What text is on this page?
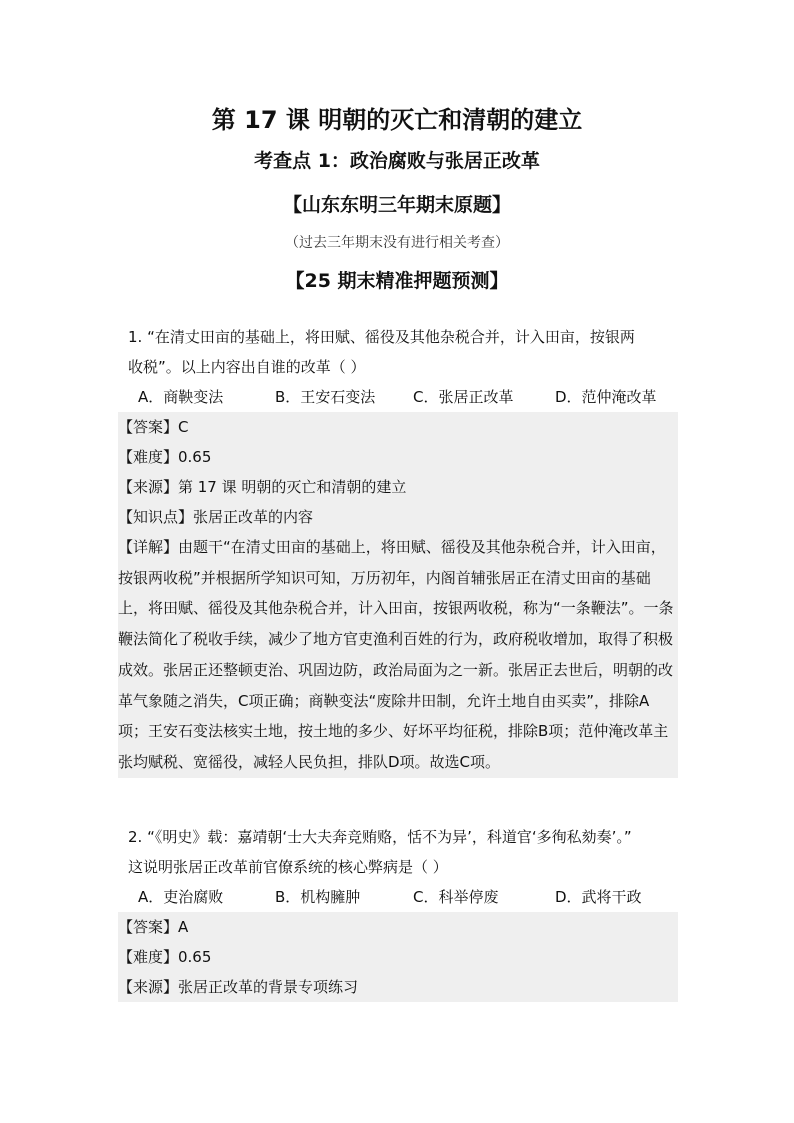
第 17 课 明朝的灭亡和清朝的建立
考查点 1：政治腐败与张居正改革
【山东东明三年期末原题】
（过去三年期末没有进行相关考查）
【25 期末精准押题预测】
1. “在清丈田亩的基础上，将田赋、徭役及其他杂税合并，计入田亩，按银两
收税”。以上内容出自谁的改革（ ）
A．商鞅变法	B．王安石变法	C．张居正改革	D．范仲淹改革
【答案】C
【难度】0.65
【来源】第 17 课 明朝的灭亡和清朝的建立
【知识点】张居正改革的内容
【详解】由题干“在清丈田亩的基础上，将田赋、徭役及其他杂税合并，计入田亩，按银两收税”并根据所学知识可知，万历初年，内阁首辅张居正在清丈田亩的基础上，将田赋、徭役及其他杂税合并，计入田亩，按银两收税，称为“一条鞭法”。一条鞭法简化了税收手续，减少了地方官吏渔利百姓的行为，政府税收增加，取得了积极成效。张居正还整顿吏治、巩固边防，政治局面为之一新。张居正去世后，明朝的改革气象随之消失，C项正确；商鞅变法“废除井田制，允许土地自由买卖”，排除A项；王安石变法核实土地，按土地的多少、好坏平均征税，排除B项；范仲淹改革主张均赋税、宽徭役，减轻人民负担，排队D项。故选C项。
2. “《明史》载：嘉靖朝‘士大夫奔竞贿赂，恬不为异’，科道官‘多徇私劾奏’。”
这说明张居正改革前官僚系统的核心弊病是（ ）
A．吏治腐败	B．机构臃肿	C．科举停废	D．武将干政
【答案】A
【难度】0.65
【来源】张居正改革的背景专项练习
